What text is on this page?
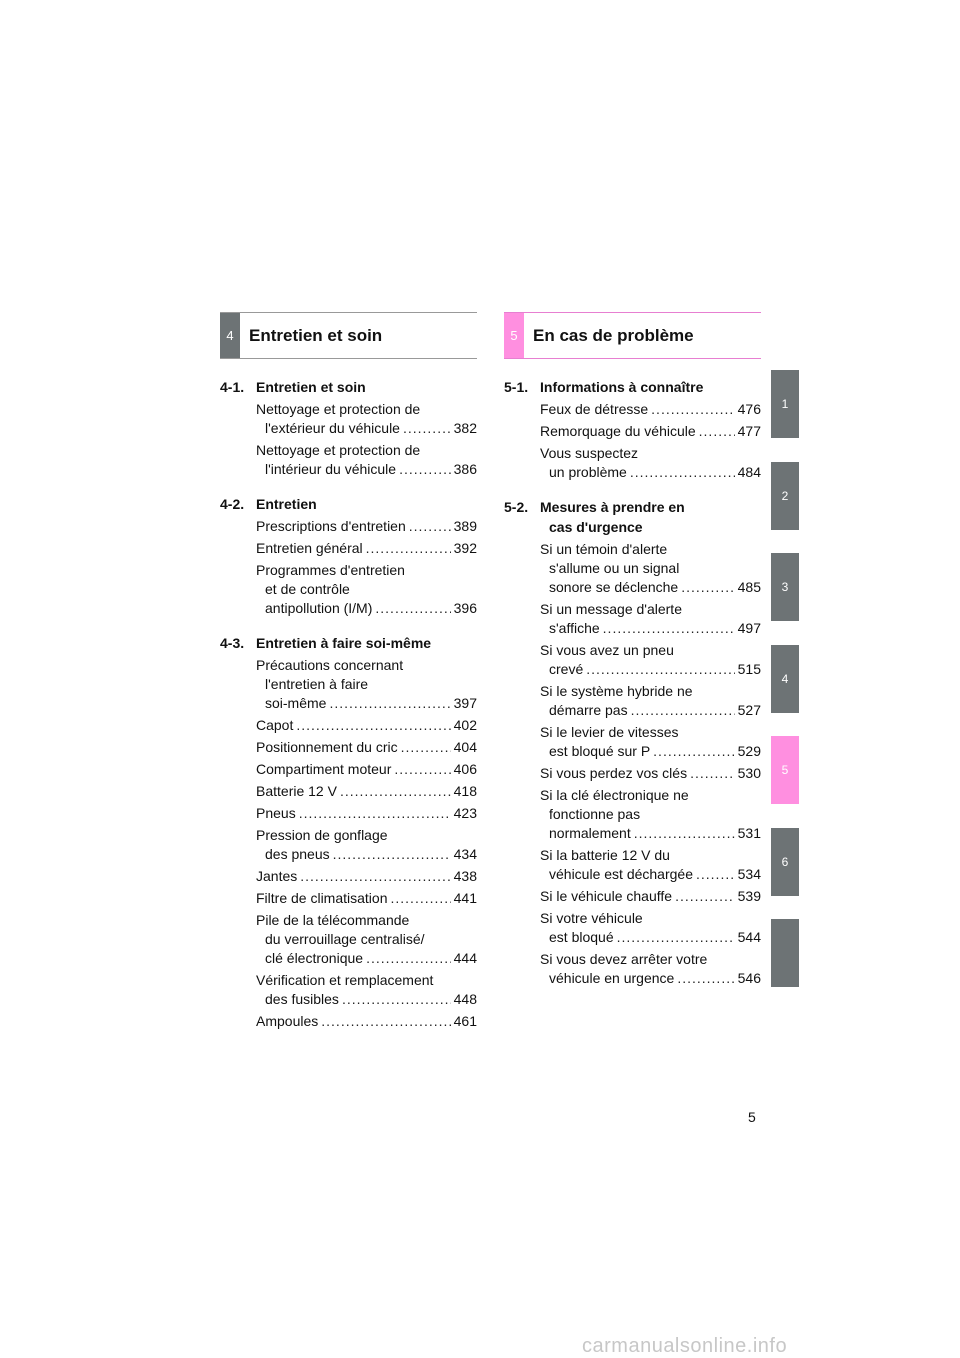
4 Entretien et soin
4-1. Entretien et soin
Nettoyage et protection de
l'extérieur du véhicule .....	382
Nettoyage et protection de
l'intérieur du véhicule .....	386
4-2. Entretien
Prescriptions d'entretien .....	389
Entretien général .....	392
Programmes d'entretien
et de contrôle
antipollution (I/M) .....	396
4-3. Entretien à faire soi-même
Précautions concernant
l'entretien à faire
soi-même .....	397
Capot .....	402
Positionnement du cric .....	404
Compartiment moteur .....	406
Batterie 12 V .....	418
Pneus .....	423
Pression de gonflage
des pneus .....	434
Jantes .....	438
Filtre de climatisation .....	441
Pile de la télécommande
du verrouillage centralisé/
clé électronique .....	444
Vérification et remplacement
des fusibles .....	448
Ampoules .....	461
5 En cas de problème
5-1. Informations à connaître
Feux de détresse .....	476
Remorquage du véhicule .....	477
Vous suspectez
un problème .....	484
5-2. Mesures à prendre en
cas d'urgence
Si un témoin d'alerte
s'allume ou un signal
sonore se déclenche .....	485
Si un message d'alerte
s'affiche .....	497
Si vous avez un pneu
crevé .....	515
Si le système hybride ne
démarre pas .....	527
Si le levier de vitesses
est bloqué sur P .....	529
Si vous perdez vos clés .....	530
Si la clé électronique ne
fonctionne pas
normalement .....	531
Si la batterie 12 V du
véhicule est déchargée .....	534
Si le véhicule chauffe .....	539
Si votre véhicule
est bloqué .....	544
Si vous devez arrêter votre
véhicule en urgence .....	546
1
2
3
4
5
6
5
carmanualsonline.info
